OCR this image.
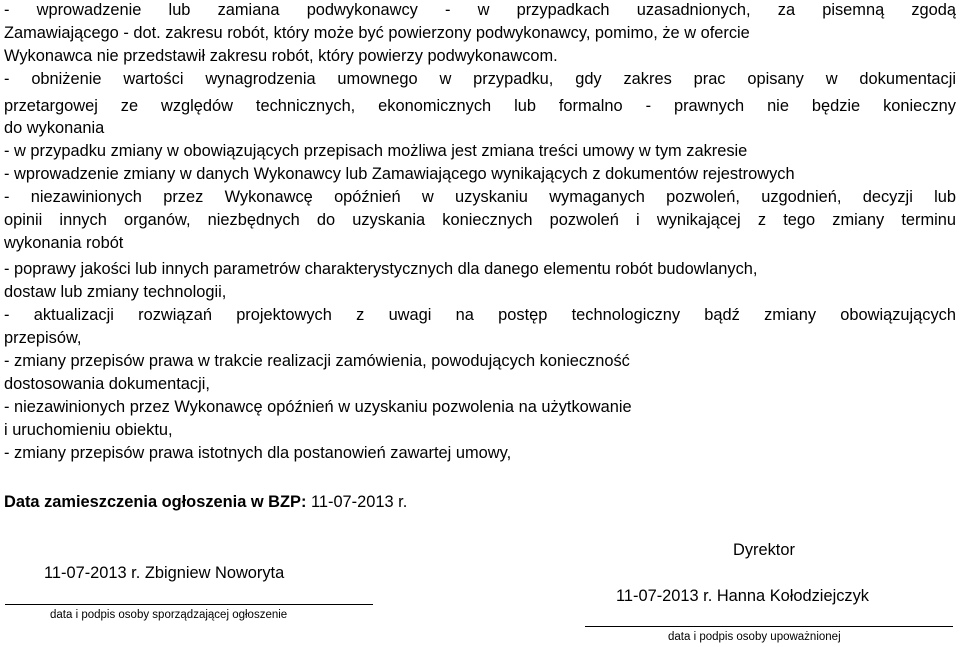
- wprowadzenie lub zamiana podwykonawcy - w przypadkach uzasadnionych, za pisemną zgodą

Zamawiającego - dot. zakresu robót, który może być powierzony podwykonawcy, pomimo, że w ofercie

Wykonawca nie przedstawił zakresu robót, który powierzy podwykonawcom.

- obniżenie wartości wynagrodzenia umownego w przypadku, gdy zakres prac opisany w dokumentacji

przetargowej ze względów technicznych, ekonomicznych lub formalno - prawnych nie będzie konieczny

do wykonania

- w przypadku zmiany w obowiązujących przepisach możliwa jest zmiana treści umowy w tym zakresie

- wprowadzenie zmiany w danych Wykonawcy lub Zamawiającego wynikających z dokumentów rejestrowych

- niezawinionych przez Wykonawcę opóźnień w uzyskaniu wymaganych pozwoleń, uzgodnień, decyzji lub

opinii innych organów, niezbędnych do uzyskania koniecznych pozwoleń i wynikającej z tego zmiany terminu

wykonania robót

- poprawy jakości lub innych parametrów charakterystycznych dla danego elementu robót budowlanych,

dostaw lub zmiany technologii,

- aktualizacji rozwiązań projektowych z uwagi na postęp technologiczny bądź zmiany obowiązujących

przepisów,

- zmiany przepisów prawa w trakcie realizacji zamówienia, powodujących konieczność

dostosowania dokumentacji,

- niezawinionych przez Wykonawcę opóźnień w uzyskaniu pozwolenia na użytkowanie

i uruchomieniu obiektu,

- zmiany przepisów prawa istotnych dla postanowień zawartej umowy,

Data zamieszczenia ogłoszenia w BZP: 11-07-2013 r.

11-07-2013 r. Zbigniew Noworyta
data i podpis osoby sporządzającej ogłoszenie
Dyrektor
11-07-2013 r. Hanna Kołodziejczyk
data i podpis osoby upoważnionej
